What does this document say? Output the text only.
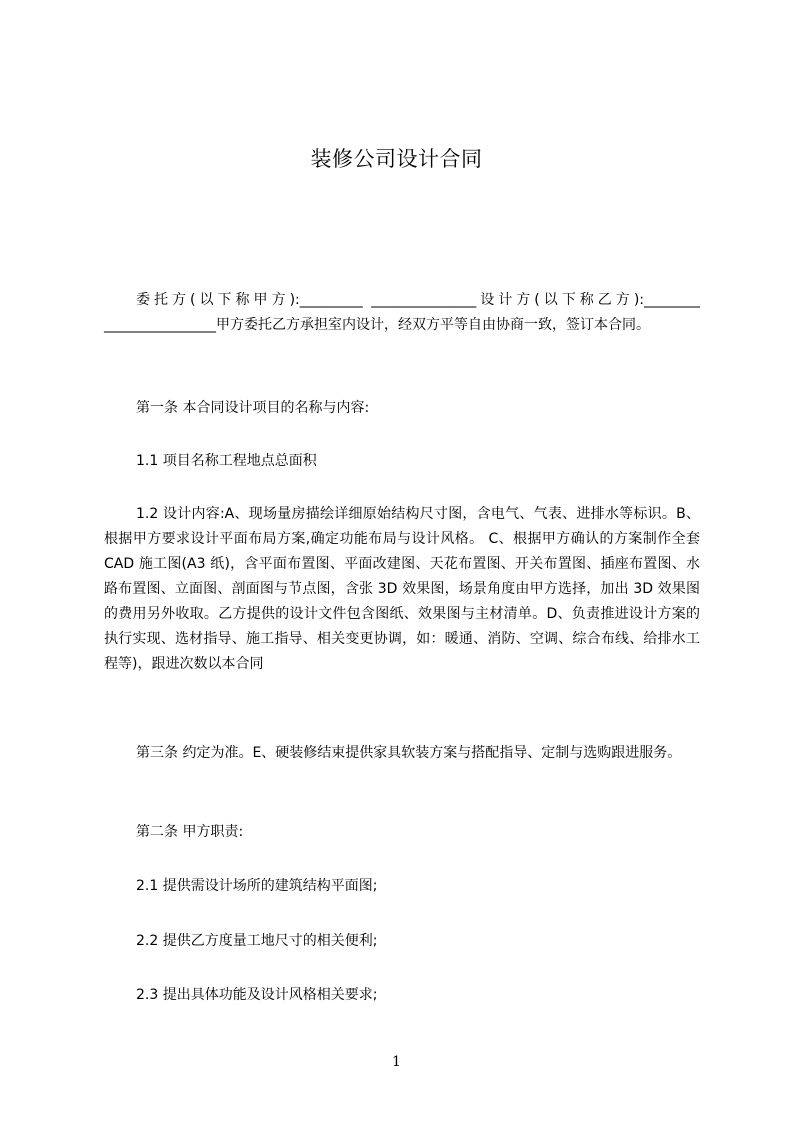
装修公司设计合同
委托方(以下称甲方):_________ _______________设计方(以下称乙方):________ ________________甲方委托乙方承担室内设计，经双方平等自由协商一致，签订本合同。
第一条 本合同设计项目的名称与内容:
1.1 项目名称工程地点总面积
1.2 设计内容:A、现场量房描绘详细原始结构尺寸图，含电气、气表、进排水等标识。B、根据甲方要求设计平面布局方案,确定功能布局与设计风格。 C、根据甲方确认的方案制作全套 CAD 施工图(A3 纸)，含平面布置图、平面改建图、天花布置图、开关布置图、插座布置图、水路布置图、立面图、剖面图与节点图，含张 3D 效果图，场景角度由甲方选择，加出 3D 效果图的费用另外收取。乙方提供的设计文件包含图纸、效果图与主材清单。D、负责推进设计方案的执行实现、选材指导、施工指导、相关变更协调，如：暖通、消防、空调、综合布线、给排水工程等)，跟进次数以本合同
第三条 约定为准。E、硬装修结束提供家具软装方案与搭配指导、定制与选购跟进服务。
第二条 甲方职责:
2.1 提供需设计场所的建筑结构平面图;
2.2 提供乙方度量工地尺寸的相关便利;
2.3 提出具体功能及设计风格相关要求;
1
